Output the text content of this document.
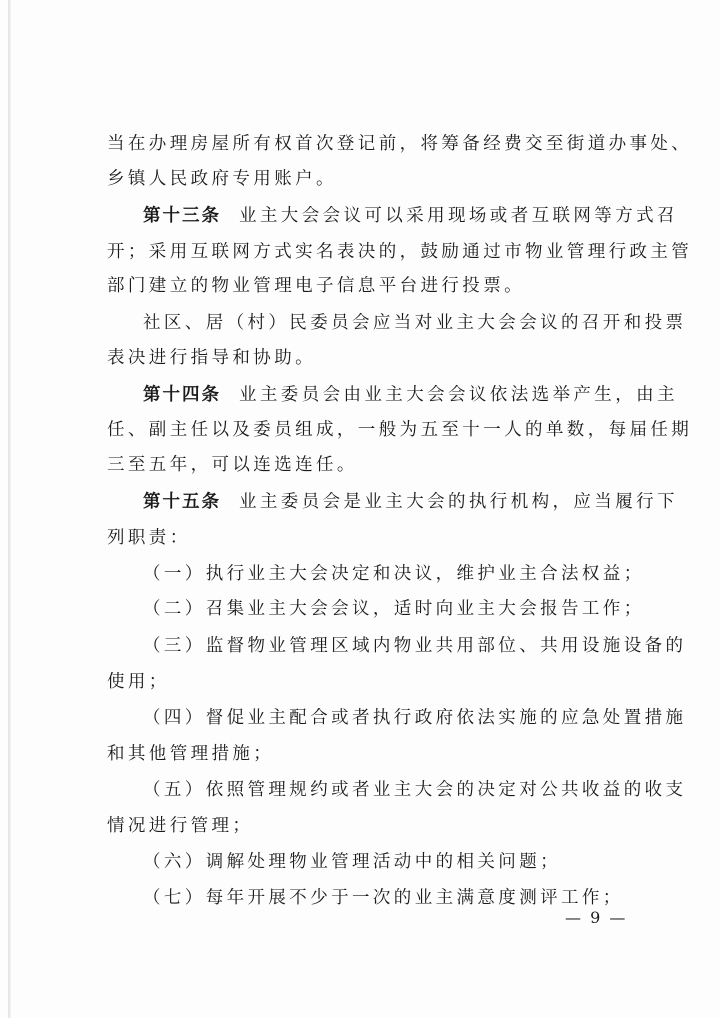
当在办理房屋所有权首次登记前，将筹备经费交至街道办事处、
乡镇人民政府专用账户。
第十三条 业主大会会议可以采用现场或者互联网等方式召
开；采用互联网方式实名表决的，鼓励通过市物业管理行政主管
部门建立的物业管理电子信息平台进行投票。
社区、居（村）民委员会应当对业主大会会议的召开和投票
表决进行指导和协助。
第十四条 业主委员会由业主大会会议依法选举产生，由主
任、副主任以及委员组成，一般为五至十一人的单数，每届任期
三至五年，可以连选连任。
第十五条 业主委员会是业主大会的执行机构，应当履行下
列职责：
（一）执行业主大会决定和决议，维护业主合法权益；
（二）召集业主大会会议，适时向业主大会报告工作；
（三）监督物业管理区域内物业共用部位、共用设施设备的
使用；
（四）督促业主配合或者执行政府依法实施的应急处置措施
和其他管理措施；
（五）依照管理规约或者业主大会的决定对公共收益的收支
情况进行管理；
（六）调解处理物业管理活动中的相关问题；
（七）每年开展不少于一次的业主满意度测评工作；
— 9 —
